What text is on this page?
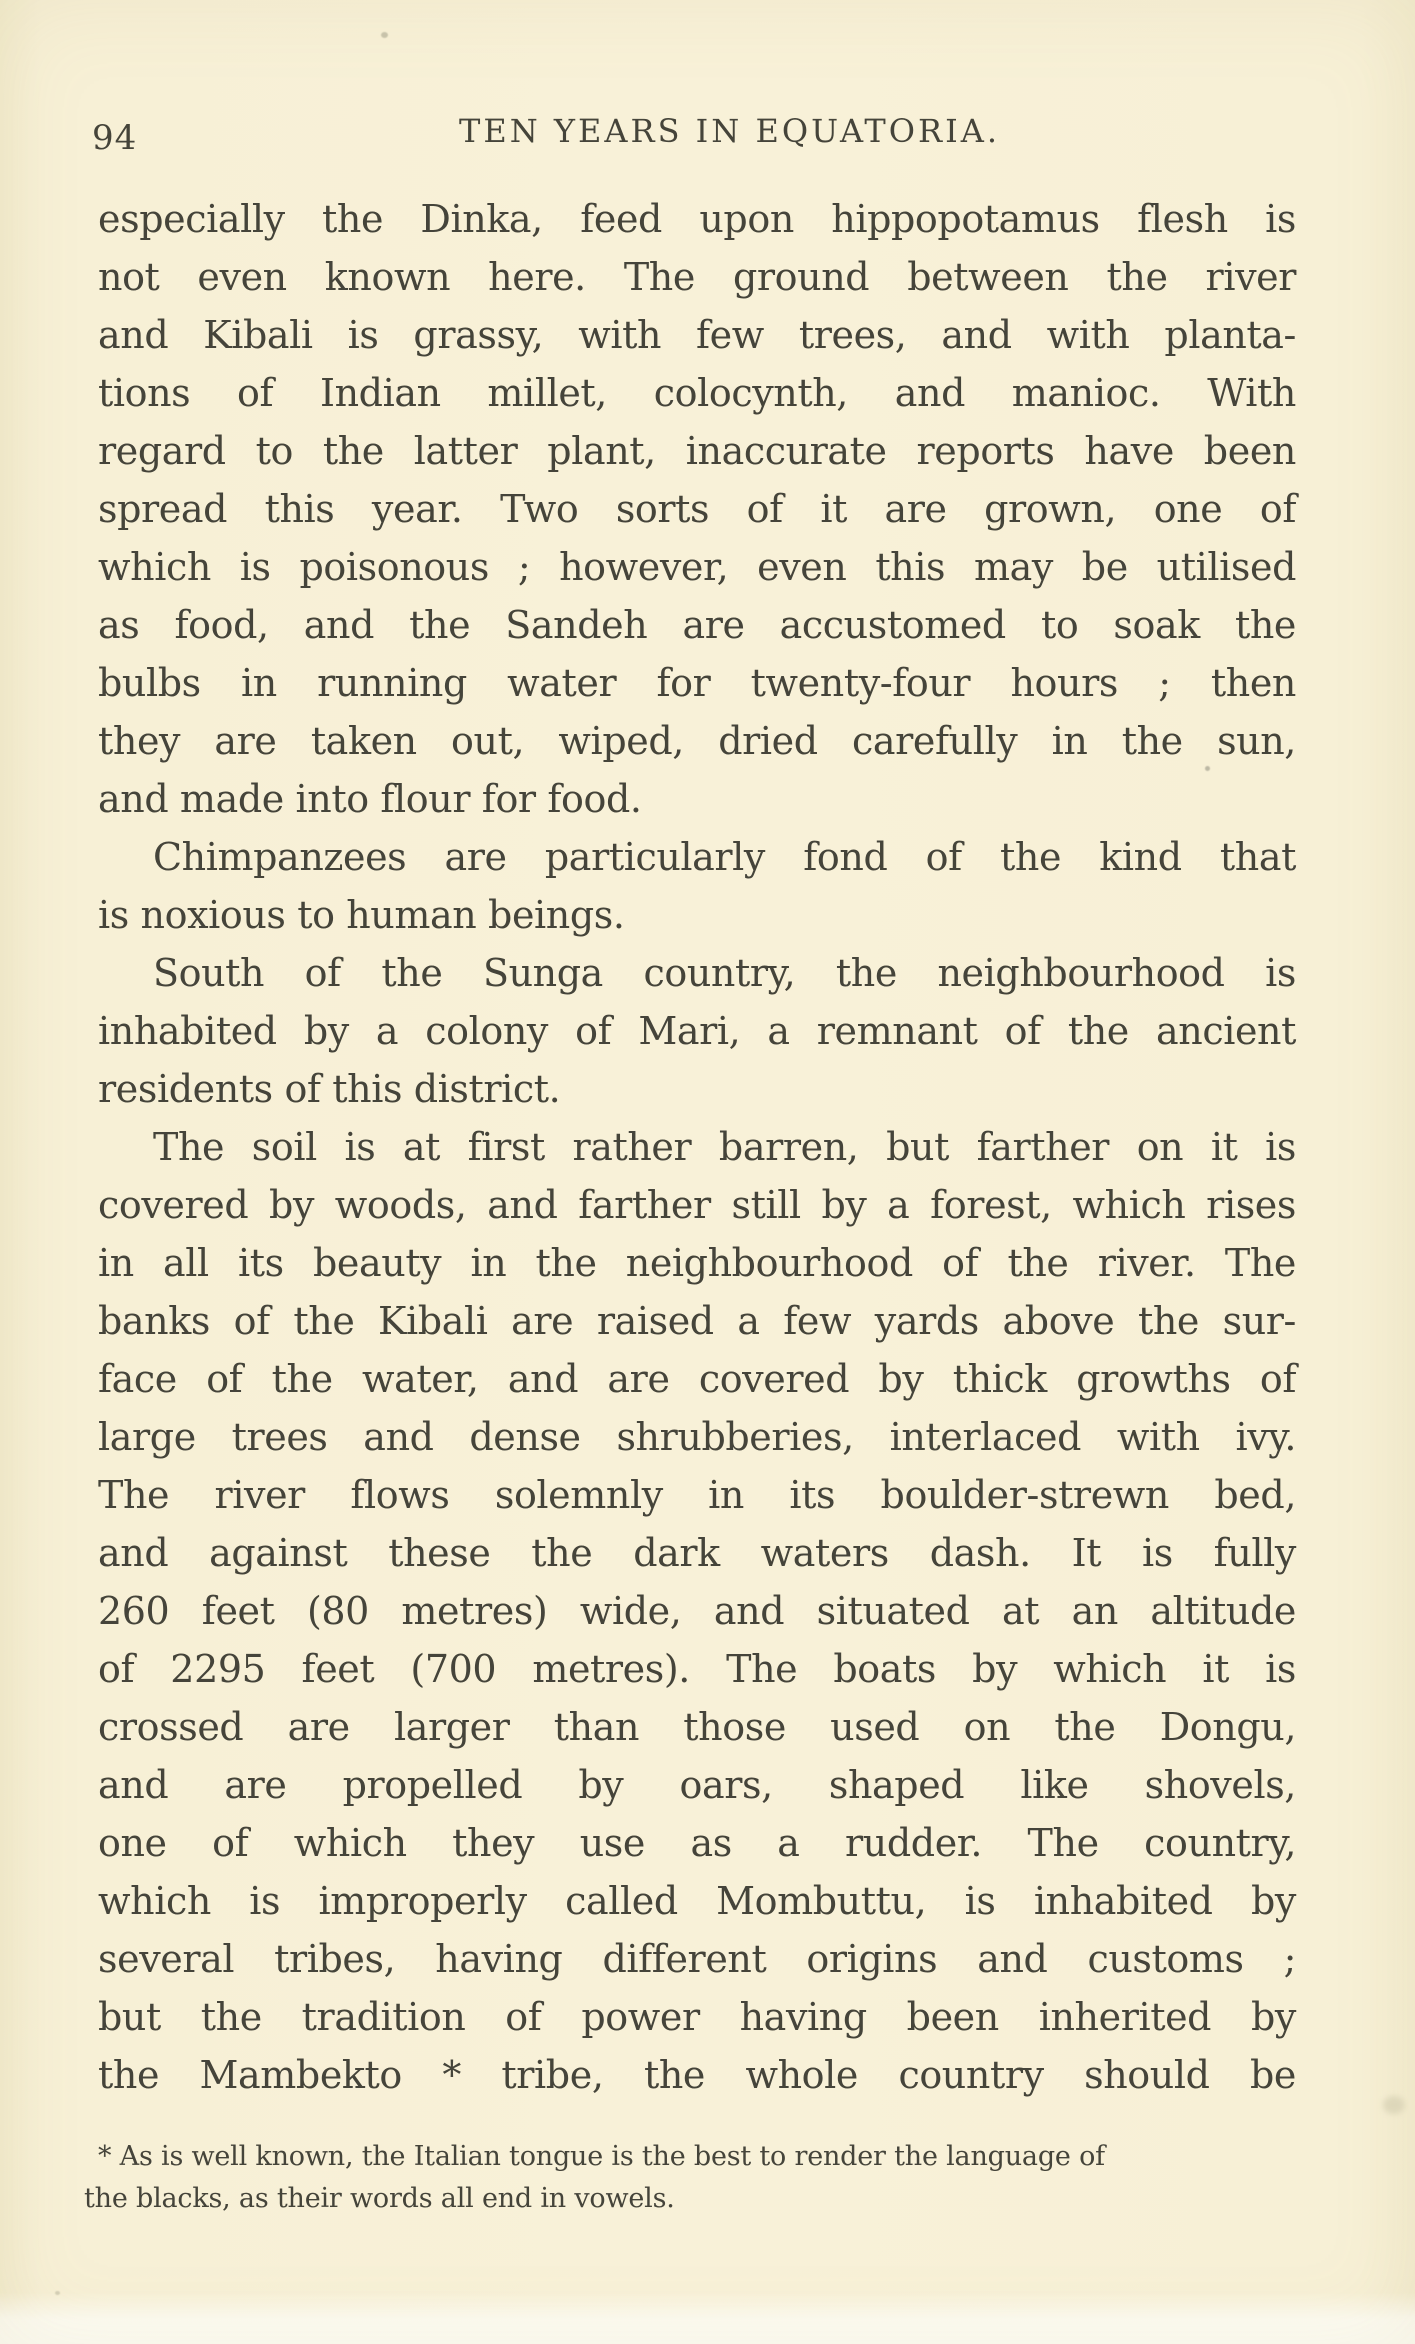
94	TEN YEARS IN EQUATORIA.
especially the Dinka, feed upon hippopotamus flesh is
not even known here. The ground between the river
and Kibali is grassy, with few trees, and with planta-
tions of Indian millet, colocynth, and manioc. With
regard to the latter plant, inaccurate reports have been
spread this year. Two sorts of it are grown, one of
which is poisonous ; however, even this may be utilised
as food, and the Sandeh are accustomed to soak the
bulbs in running water for twenty-four hours ; then
they are taken out, wiped, dried carefully in the sun,
and made into flour for food.
Chimpanzees are particularly fond of the kind that
is noxious to human beings.
South of the Sunga country, the neighbourhood is
inhabited by a colony of Mari, a remnant of the ancient
residents of this district.
The soil is at first rather barren, but farther on it is
covered by woods, and farther still by a forest, which rises
in all its beauty in the neighbourhood of the river. The
banks of the Kibali are raised a few yards above the sur-
face of the water, and are covered by thick growths of
large trees and dense shrubberies, interlaced with ivy.
The river flows solemnly in its boulder-strewn bed,
and against these the dark waters dash. It is fully
260 feet (80 metres) wide, and situated at an altitude
of 2295 feet (700 metres). The boats by which it is
crossed are larger than those used on the Dongu,
and are propelled by oars, shaped like shovels,
one of which they use as a rudder. The country,
which is improperly called Mombuttu, is inhabited by
several tribes, having different origins and customs ;
but the tradition of power having been inherited by
the Mambekto * tribe, the whole country should be
* As is well known, the Italian tongue is the best to render the language of
the blacks, as their words all end in vowels.
